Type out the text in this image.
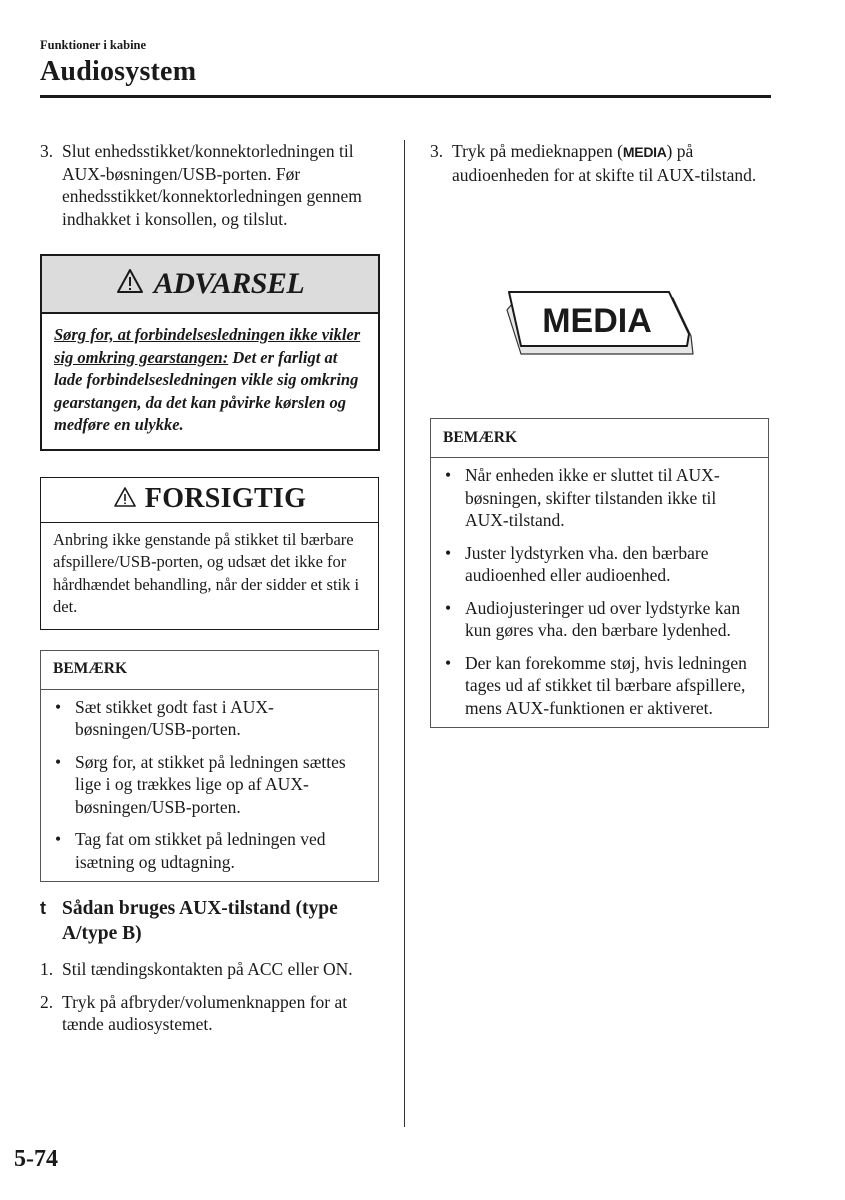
Funktioner i kabine
Audiosystem

3. Slut enhedsstikket/konnektorledningen til AUX-bøsningen/USB-porten. Før enhedsstikket/konnektorledningen gennem indhakket i konsollen, og tilslut.

ADVARSEL
Sørg for, at forbindelsesledningen ikke vikler sig omkring gearstangen: Det er farligt at lade forbindelsesledningen vikle sig omkring gearstangen, da det kan påvirke kørslen og medføre en ulykke.
FORSIGTIG
Anbring ikke genstande på stikket til bærbare afspillere/USB-porten, og udsæt det ikke for hårdhændet behandling, når der sidder et stik i det.
BEMÆRK
• Sæt stikket godt fast i AUX-bøsningen/USB-porten.
• Sørg for, at stikket på ledningen sættes lige i og trækkes lige op af AUX-bøsningen/USB-porten.
• Tag fat om stikket på ledningen ved isætning og udtagning.
t Sådan bruges AUX-tilstand (type A/type B)

1. Stil tændingskontakten på ACC eller ON.

2. Tryk på afbryder/volumenknappen for at tænde audiosystemet.

3. Tryk på medieknappen (MEDIA) på audioenheden for at skifte til AUX-tilstand.

BEMÆRK
• Når enheden ikke er sluttet til AUX-bøsningen, skifter tilstanden ikke til AUX-tilstand.
• Juster lydstyrken vha. den bærbare audioenhed eller audioenhed.
• Audiojusteringer ud over lydstyrke kan kun gøres vha. den bærbare lydenhed.
• Der kan forekomme støj, hvis ledningen tages ud af stikket til bærbare afspillere, mens AUX-funktionen er aktiveret.
MEDIA
5-74
